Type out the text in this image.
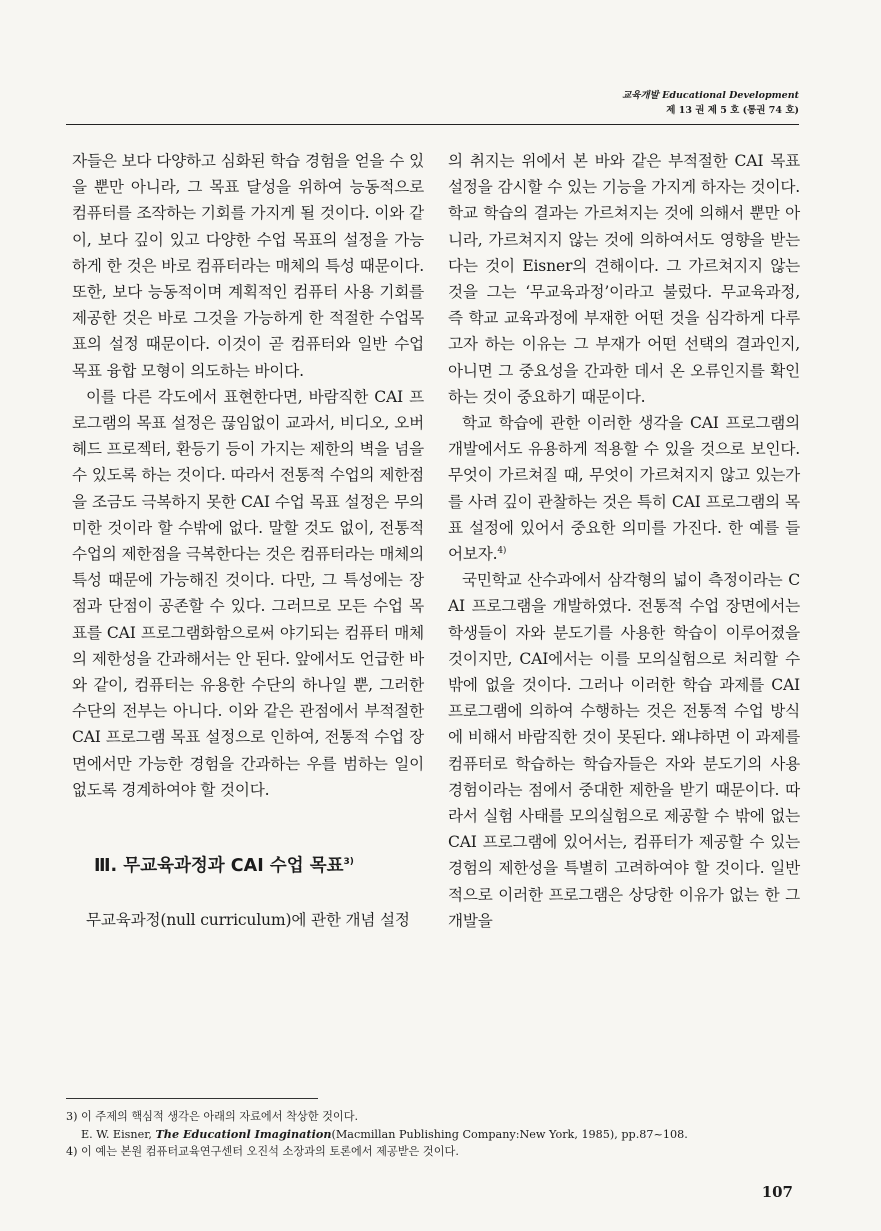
교육개발 Educational Development
제 13 권 제 5 호 (통권 74 호)

자들은 보다 다양하고 심화된 학습 경험을 얻을 수 있을 뿐만 아니라, 그 목표 달성을 위하여 능동적으로 컴퓨터를 조작하는 기회를 가지게 될 것이다. 이와 같이, 보다 깊이 있고 다양한 수업 목표의 설정을 가능하게 한 것은 바로 컴퓨터라는 매체의 특성 때문이다. 또한, 보다 능동적이며 계획적인 컴퓨터 사용 기회를 제공한 것은 바로 그것을 가능하게 한 적절한 수업목표의 설정 때문이다. 이것이 곧 컴퓨터와 일반 수업 목표 융합 모형이 의도하는 바이다.

이를 다른 각도에서 표현한다면, 바람직한 CAI 프로그램의 목표 설정은 끊임없이 교과서, 비디오, 오버 헤드 프로젝터, 환등기 등이 가지는 제한의 벽을 넘을 수 있도록 하는 것이다. 따라서 전통적 수업의 제한점을 조금도 극복하지 못한 CAI 수업 목표 설정은 무의미한 것이라 할 수밖에 없다. 말할 것도 없이, 전통적 수업의 제한점을 극복한다는 것은 컴퓨터라는 매체의 특성 때문에 가능해진 것이다. 다만, 그 특성에는 장점과 단점이 공존할 수 있다. 그러므로 모든 수업 목표를 CAI 프로그램화함으로써 야기되는 컴퓨터 매체의 제한성을 간과해서는 안 된다. 앞에서도 언급한 바와 같이, 컴퓨터는 유용한 수단의 하나일 뿐, 그러한 수단의 전부는 아니다. 이와 같은 관점에서 부적절한 CAI 프로그램 목표 설정으로 인하여, 전통적 수업 장면에서만 가능한 경험을 간과하는 우를 범하는 일이 없도록 경계하여야 할 것이다.

Ⅲ. 무교육과정과 CAI 수업 목표$^{3)}$

무교육과정(null curriculum)에 관한 개념 설정

의 취지는 위에서 본 바와 같은 부적절한 CAI 목표 설정을 감시할 수 있는 기능을 가지게 하자는 것이다. 학교 학습의 결과는 가르쳐지는 것에 의해서 뿐만 아니라, 가르쳐지지 않는 것에 의하여서도 영향을 받는다는 것이 Eisner의 견해이다. 그 가르쳐지지 않는 것을 그는 ‘무교육과정’이라고 불렀다. 무교육과정, 즉 학교 교육과정에 부재한 어떤 것을 심각하게 다루고자 하는 이유는 그 부재가 어떤 선택의 결과인지, 아니면 그 중요성을 간과한 데서 온 오류인지를 확인하는 것이 중요하기 때문이다.

학교 학습에 관한 이러한 생각을 CAI 프로그램의 개발에서도 유용하게 적용할 수 있을 것으로 보인다. 무엇이 가르쳐질 때, 무엇이 가르쳐지지 않고 있는가를 사려 깊이 관찰하는 것은 특히 CAI 프로그램의 목표 설정에 있어서 중요한 의미를 가진다. 한 예를 들어보자.$^{4)}$

국민학교 산수과에서 삼각형의 넓이 측정이라는 CAI 프로그램을 개발하였다. 전통적 수업 장면에서는 학생들이 자와 분도기를 사용한 학습이 이루어졌을 것이지만, CAI에서는 이를 모의실험으로 처리할 수 밖에 없을 것이다. 그러나 이러한 학습 과제를 CAI 프로그램에 의하여 수행하는 것은 전통적 수업 방식에 비해서 바람직한 것이 못된다. 왜냐하면 이 과제를 컴퓨터로 학습하는 학습자들은 자와 분도기의 사용 경험이라는 점에서 중대한 제한을 받기 때문이다. 따라서 실험 사태를 모의실험으로 제공할 수 밖에 없는 CAI 프로그램에 있어서는, 컴퓨터가 제공할 수 있는 경험의 제한성을 특별히 고려하여야 할 것이다. 일반적으로 이러한 프로그램은 상당한 이유가 없는 한 그 개발을

3) 이 주제의 핵심적 생각은 아래의 자료에서 착상한 것이다.
E. W. Eisner, The Educationl Imagination(Macmillan Publishing Company:New York, 1985), pp.87~108.
4) 이 예는 본원 컴퓨터교육연구센터 오진석 소장과의 토론에서 제공받은 것이다.
107
